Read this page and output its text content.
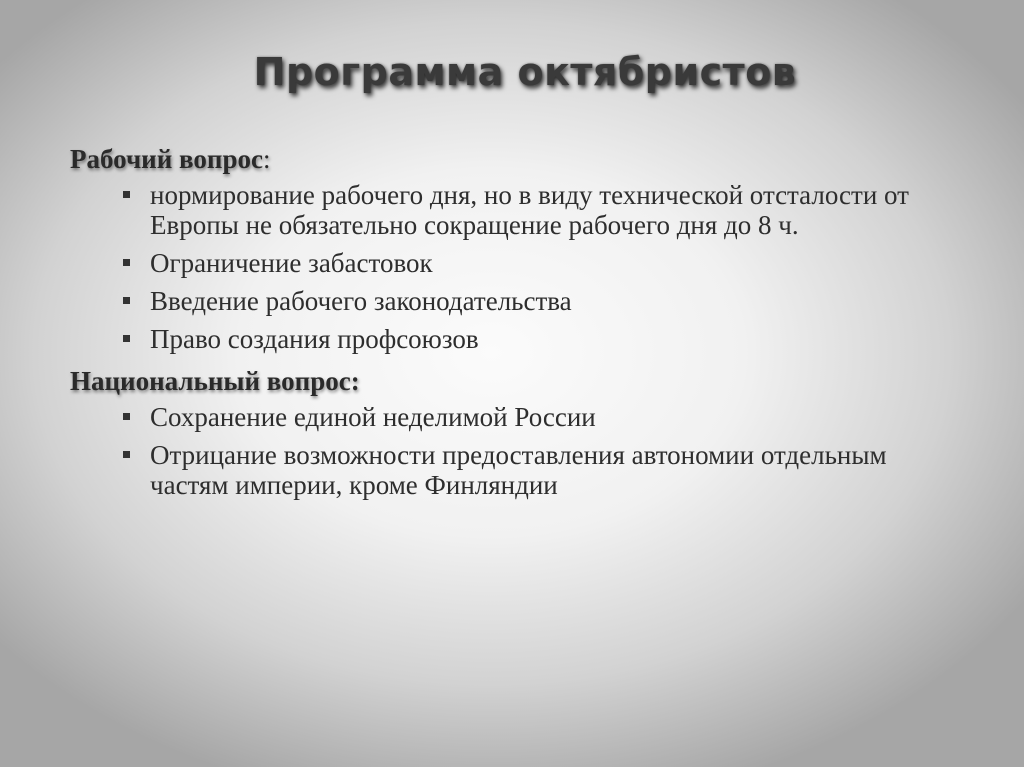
Программа октябристов
Рабочий вопрос:
нормирование рабочего дня, но в виду технической отсталости от Европы не обязательно сокращение рабочего дня до 8 ч.
Ограничение забастовок
Введение рабочего законодательства
Право создания профсоюзов
Национальный вопрос:
Сохранение единой неделимой России
Отрицание возможности предоставления автономии отдельным частям империи, кроме Финляндии
